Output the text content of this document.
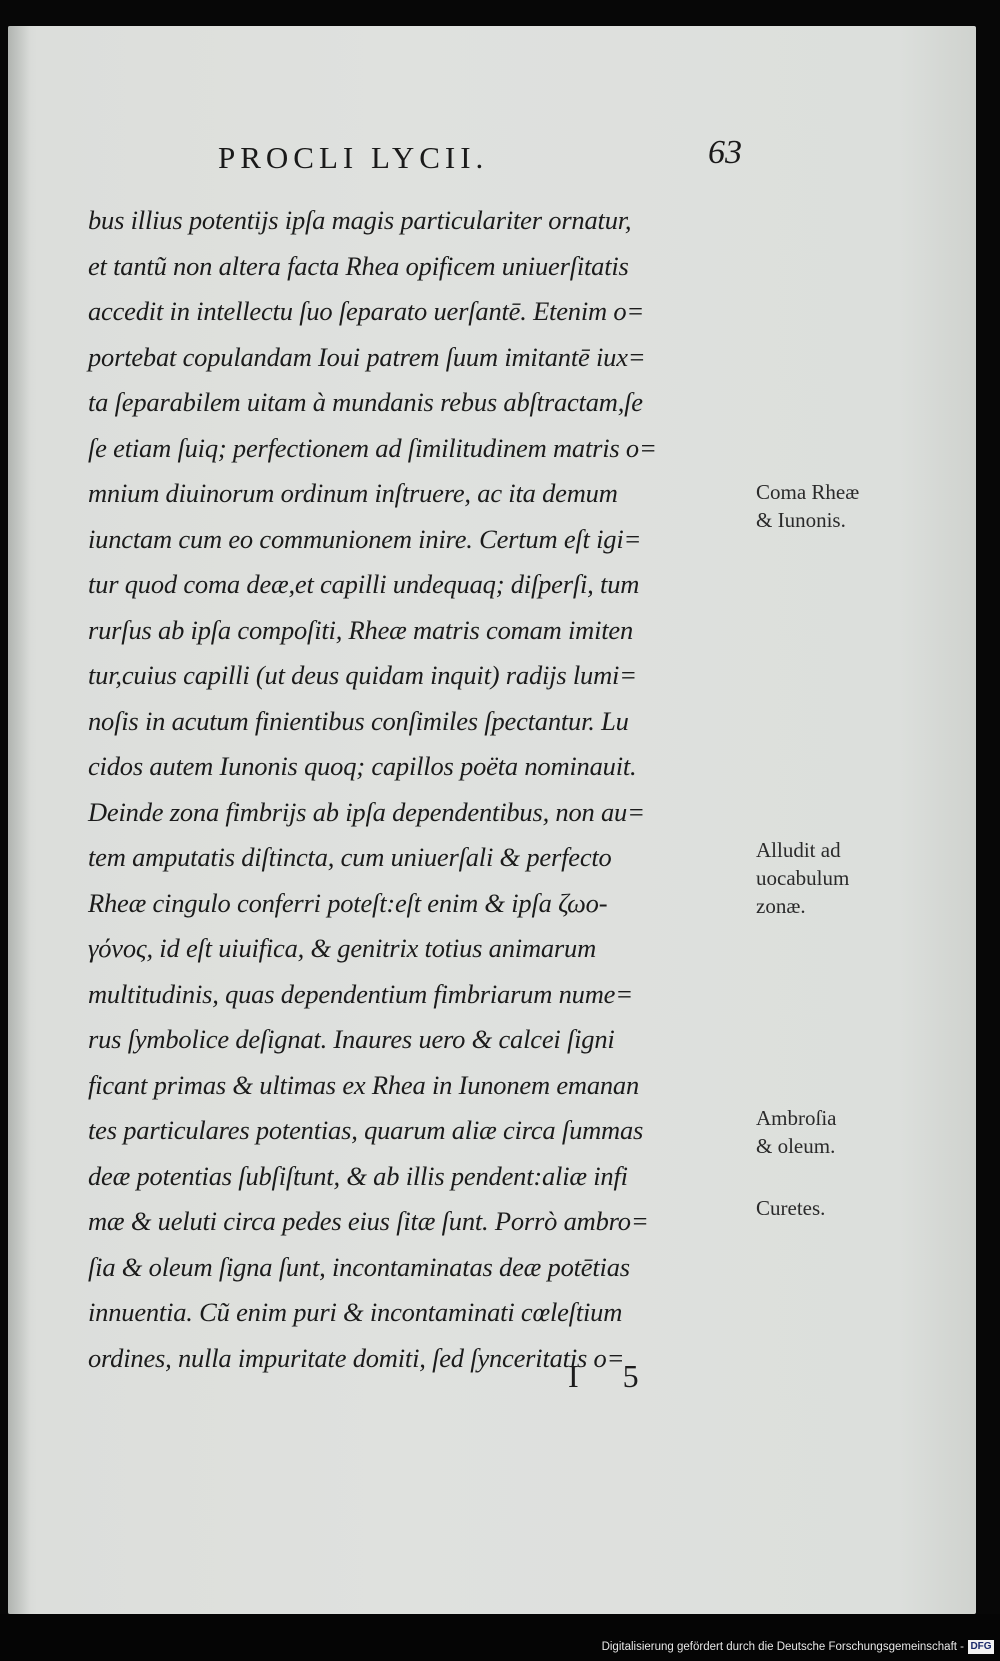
PROCLI LYCII.	63
bus illius potentijs ipſa magis particulariter ornatur,
et tantũ non altera facta Rhea opificem uniuerſitatis
accedit in intellectu ſuo ſeparato uerſantē. Etenim o=
portebat copulandam Ioui patrem ſuum imitantē iux=
ta ſeparabilem uitam à mundanis rebus abſtractam,ſe
ſe etiam ſuiq; perfectionem ad ſimilitudinem matris o=
mnium diuinorum ordinum inſtruere, ac ita demum
iunctam cum eo communionem inire. Certum eſt igi=
tur quod coma deæ,et capilli undequaq; diſperſi, tum
rurſus ab ipſa compoſiti, Rheæ matris comam imiten
tur,cuius capilli (ut deus quidam inquit) radijs lumi=
noſis in acutum finientibus conſimiles ſpectantur. Lu
cidos autem Iunonis quoq; capillos poëta nominauit.
Deinde zona fimbrijs ab ipſa dependentibus, non au=
tem amputatis diſtincta, cum uniuerſali & perfecto
Rheæ cingulo conferri poteſt:eſt enim & ipſa ζωο-
γόνος, id eſt uiuifica, & genitrix totius animarum
multitudinis, quas dependentium fimbriarum nume=
rus ſymbolice deſignat. Inaures uero & calcei ſigni
ficant primas & ultimas ex Rhea in Iunonem emanan
tes particulares potentias, quarum aliæ circa ſummas
deæ potentias ſubſiſtunt, & ab illis pendent:aliæ infi
mæ & ueluti circa pedes eius ſitæ ſunt. Porrò ambro=
ſia & oleum ſigna ſunt, incontaminatas deæ potētias
innuentia. Cũ enim puri & incontaminati cœleſtium
ordines, nulla impuritate domiti, ſed ſynceritatis o=
Coma Rheæ
& Iunonis.
Alludit ad
uocabulum
zonæ.
Ambroſia
& oleum.
Curetes.
I 5
Digitalisierung gefördert durch die Deutsche Forschungsgemeinschaft - DFG
